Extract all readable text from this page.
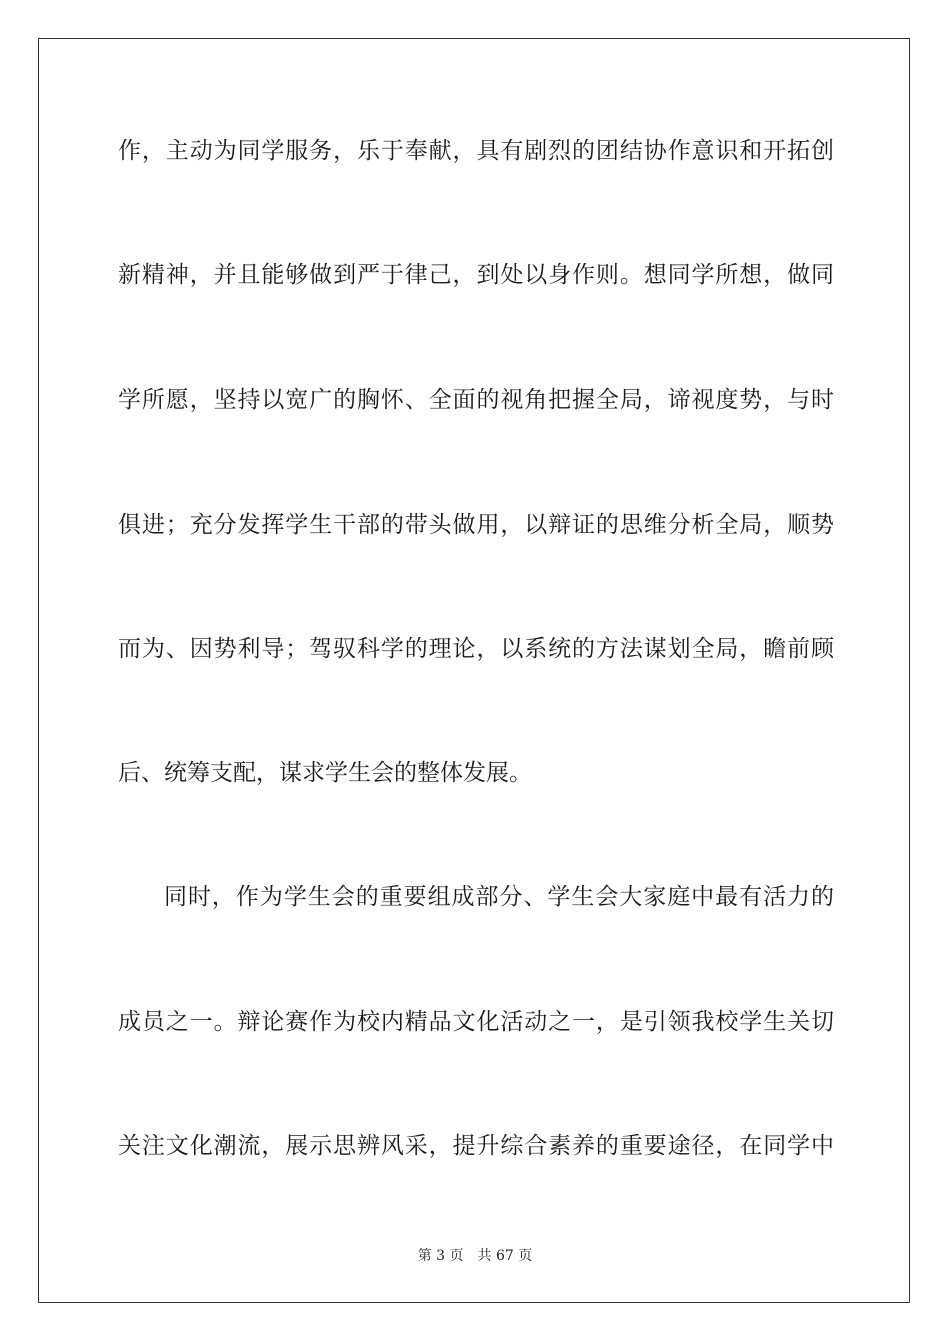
作，主动为同学服务，乐于奉献，具有剧烈的团结协作意识和开拓创
新精神，并且能够做到严于律己，到处以身作则。想同学所想，做同
学所愿，坚持以宽广的胸怀、全面的视角把握全局，谛视度势，与时
俱进；充分发挥学生干部的带头做用，以辩证的思维分析全局，顺势
而为、因势利导；驾驭科学的理论，以系统的方法谋划全局，瞻前顾
后、统筹支配，谋求学生会的整体发展。
同时，作为学生会的重要组成部分、学生会大家庭中最有活力的
成员之一。辩论赛作为校内精品文化活动之一，是引领我校学生关切
关注文化潮流，展示思辨风采，提升综合素养的重要途径，在同学中
第 3 页　共 67 页
